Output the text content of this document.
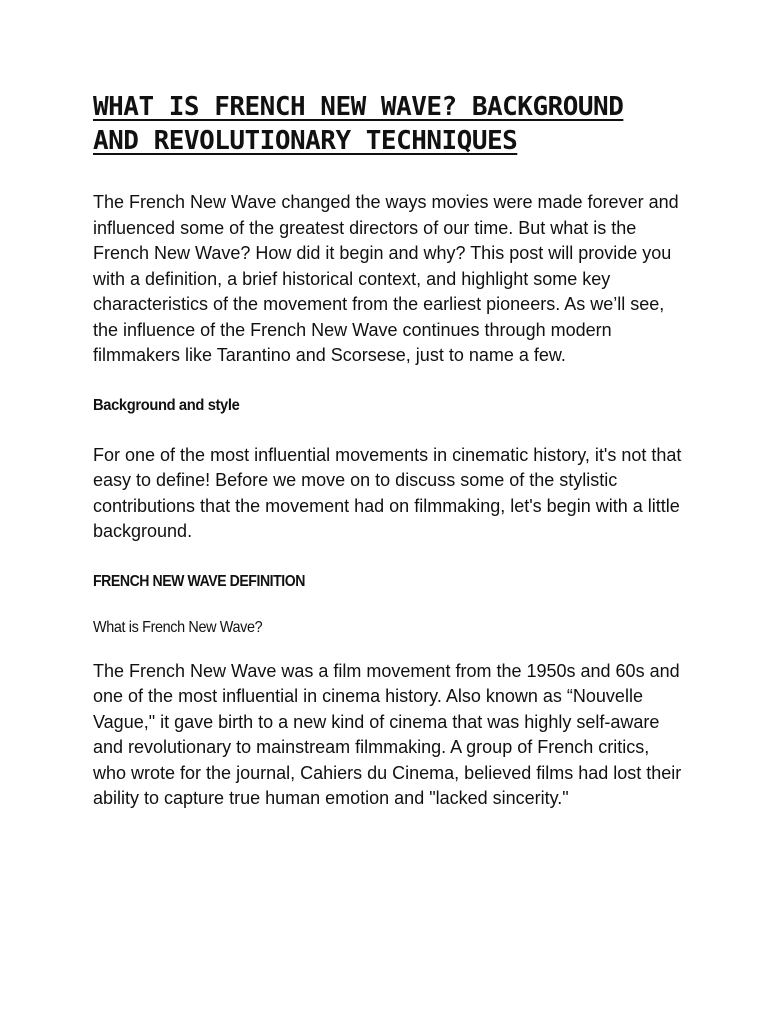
WHAT IS FRENCH NEW WAVE? BACKGROUND AND REVOLUTIONARY TECHNIQUES

The French New Wave changed the ways movies were made forever and influenced some of the greatest directors of our time. But what is the French New Wave? How did it begin and why? This post will provide you with a definition, a brief historical context, and highlight some key characteristics of the movement from the earliest pioneers. As we’ll see, the influence of the French New Wave continues through modern filmmakers like Tarantino and Scorsese, just to name a few.

Background and style

For one of the most influential movements in cinematic history, it's not that easy to define! Before we move on to discuss some of the stylistic contributions that the movement had on filmmaking, let's begin with a little background.

FRENCH NEW WAVE DEFINITION
What is French New Wave?

The French New Wave was a film movement from the 1950s and 60s and one of the most influential in cinema history. Also known as “Nouvelle Vague," it gave birth to a new kind of cinema that was highly self-aware and revolutionary to mainstream filmmaking. A group of French critics, who wrote for the journal, Cahiers du Cinema, believed films had lost their ability to capture true human emotion and "lacked sincerity."
